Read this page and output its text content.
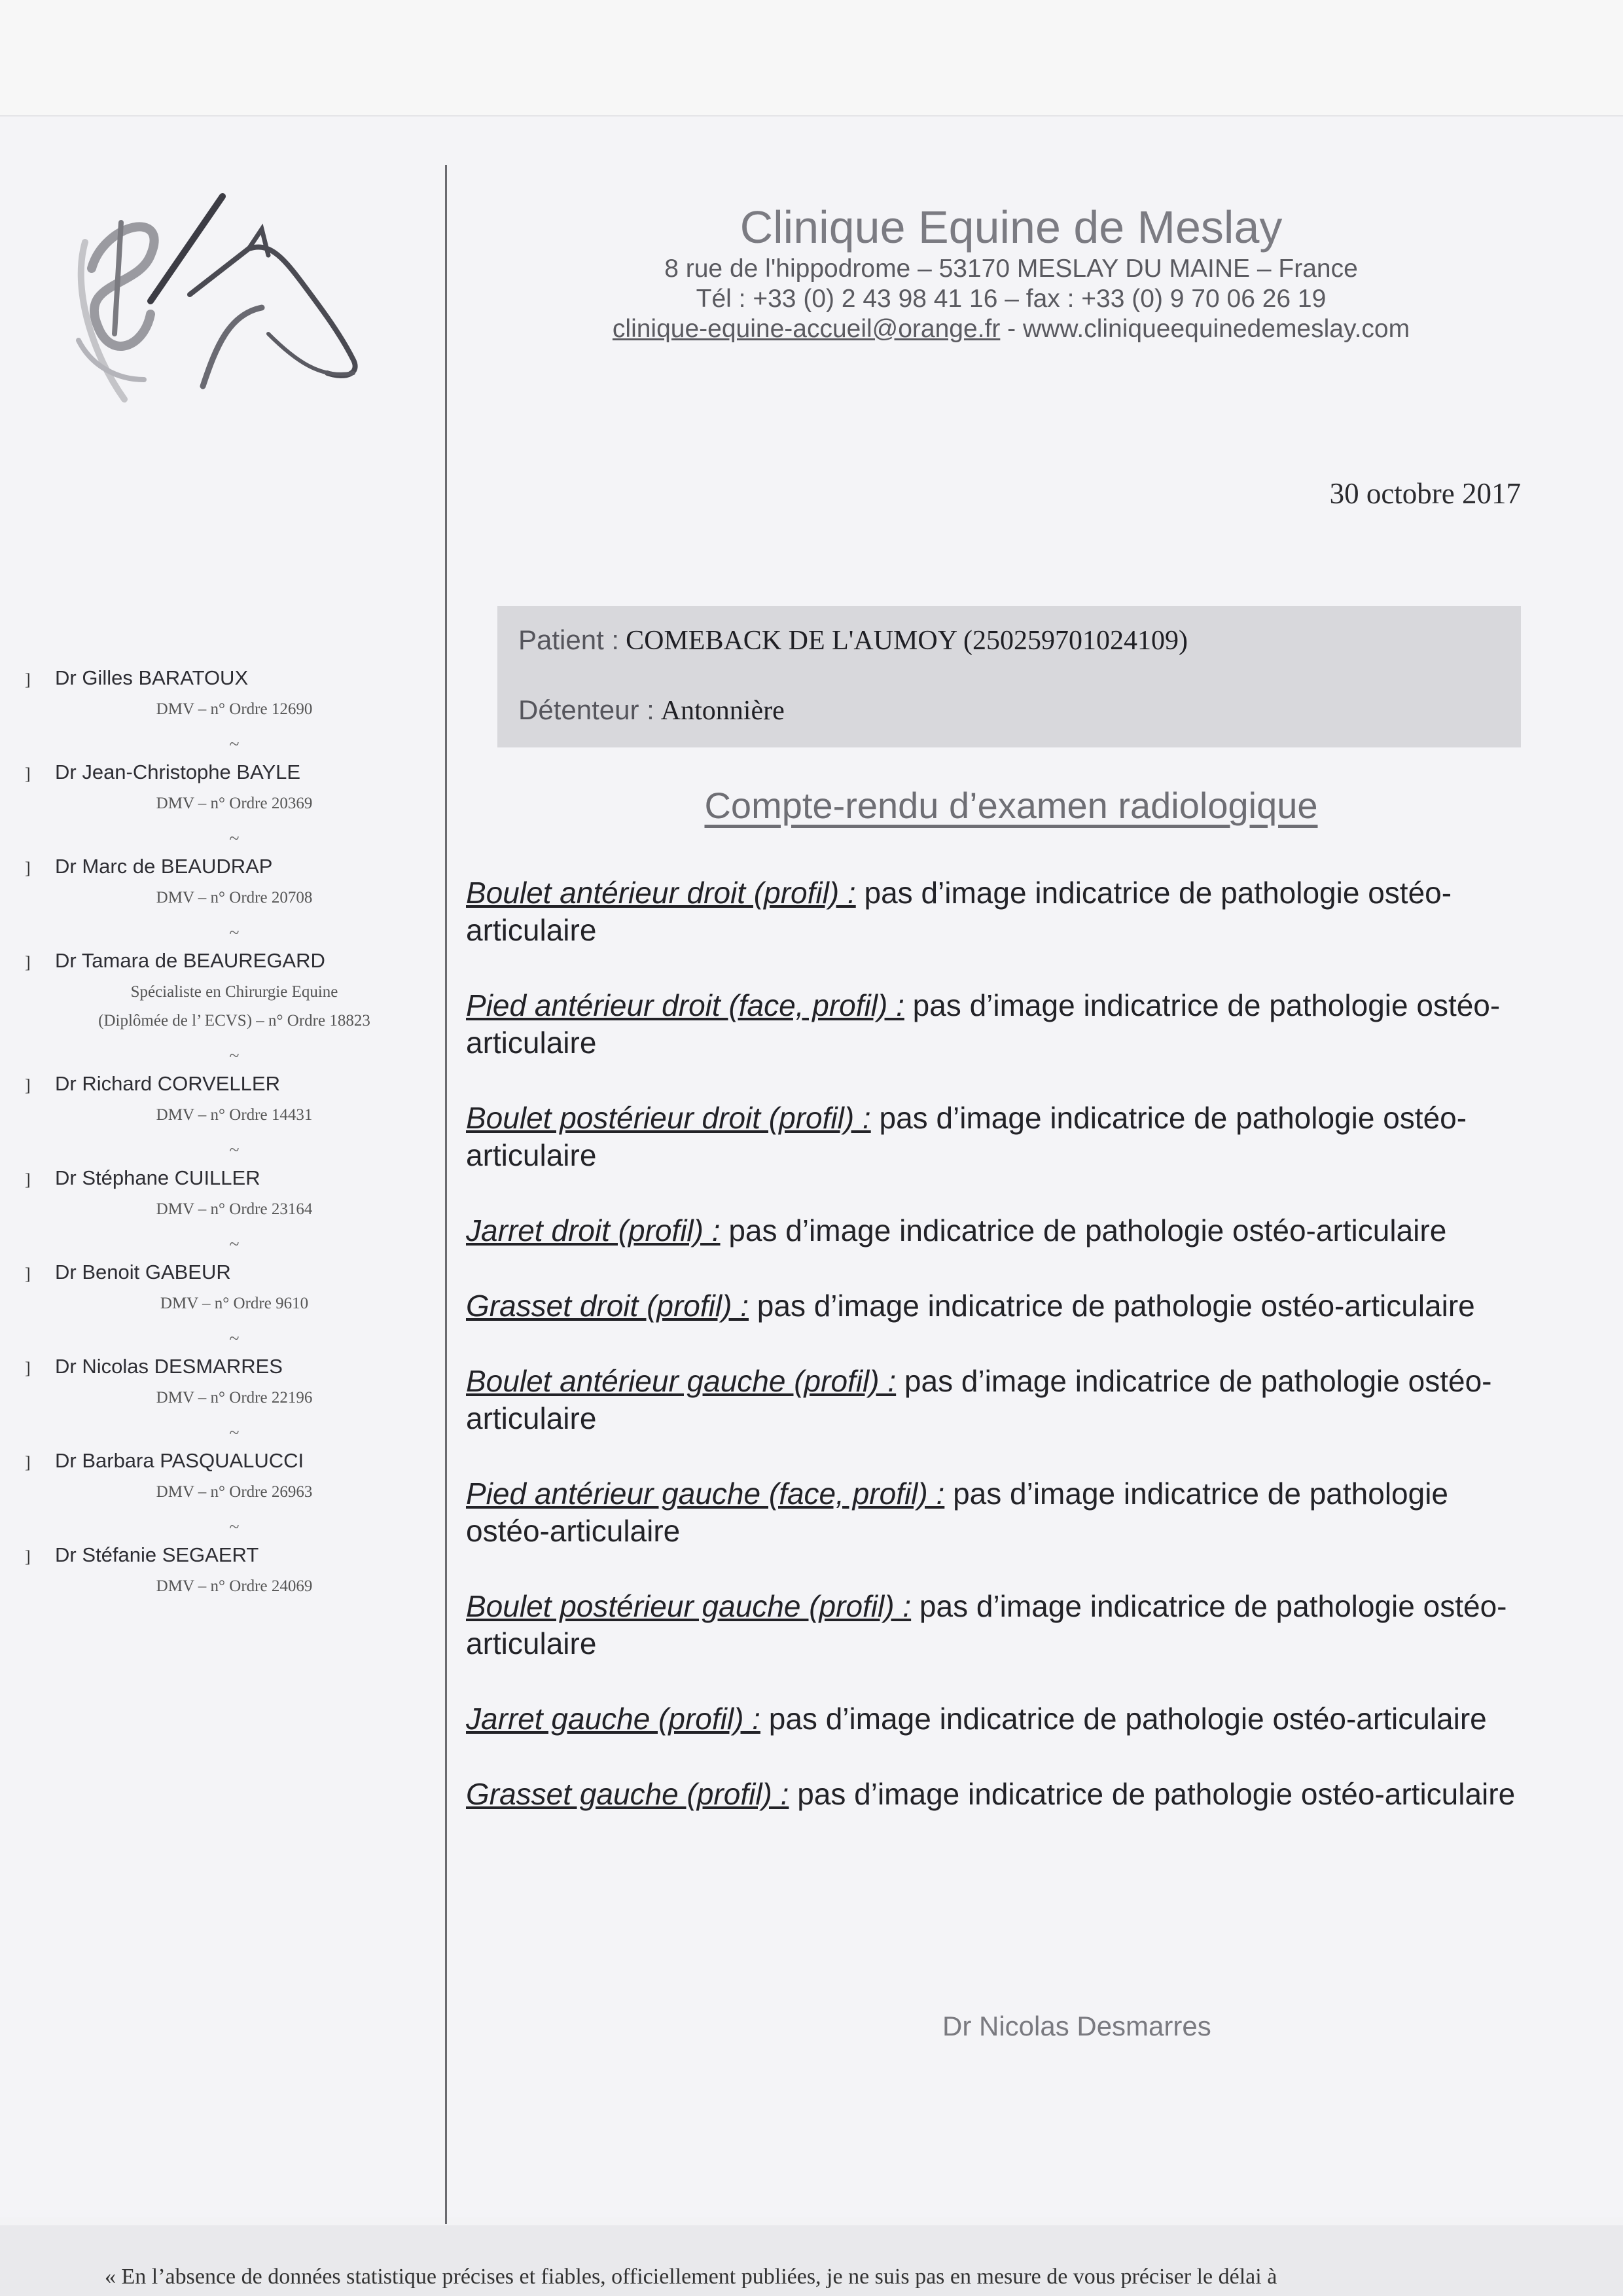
Clinique Equine de Meslay
8 rue de l'hippodrome – 53170 MESLAY DU MAINE – France
Tél : +33 (0) 2 43 98 41 16 – fax : +33 (0) 9 70 06 26 19
clinique-equine-accueil@orange.fr - www.cliniqueequinedemeslay.com
30 octobre 2017
] Dr Gilles BARATOUX
DMV – n° Ordre 12690
~
] Dr Jean-Christophe BAYLE
DMV – n° Ordre 20369
~
] Dr Marc de BEAUDRAP
DMV – n° Ordre 20708
~
] Dr Tamara de BEAUREGARD
Spécialiste en Chirurgie Equine
(Diplômée de l’ ECVS) – n° Ordre 18823
~
] Dr Richard CORVELLER
DMV – n° Ordre 14431
~
] Dr Stéphane CUILLER
DMV – n° Ordre 23164
~
] Dr Benoit GABEUR
DMV – n° Ordre 9610
~
] Dr Nicolas DESMARRES
DMV – n° Ordre 22196
~
] Dr Barbara PASQUALUCCI
DMV – n° Ordre 26963
~
] Dr Stéfanie SEGAERT
DMV – n° Ordre 24069
Patient : COMEBACK DE L'AUMOY (250259701024109)
Détenteur : Antonnière
Compte-rendu d’examen radiologique
Boulet antérieur droit (profil) : pas d’image indicatrice de pathologie ostéo-articulaire
Pied antérieur droit (face, profil) : pas d’image indicatrice de pathologie ostéo-articulaire
Boulet postérieur droit (profil) : pas d’image indicatrice de pathologie ostéo-articulaire
Jarret droit (profil) : pas d’image indicatrice de pathologie ostéo-articulaire
Grasset droit (profil) : pas d’image indicatrice de pathologie ostéo-articulaire
Boulet antérieur gauche (profil) : pas d’image indicatrice de pathologie ostéo-articulaire
Pied antérieur gauche (face, profil) : pas d’image indicatrice de pathologie ostéo-articulaire
Boulet postérieur gauche (profil) : pas d’image indicatrice de pathologie ostéo-articulaire
Jarret gauche (profil) : pas d’image indicatrice de pathologie ostéo-articulaire
Grasset gauche (profil) : pas d’image indicatrice de pathologie ostéo-articulaire
Dr Nicolas Desmarres
« En l’absence de données statistique précises et fiables, officiellement publiées, je ne suis pas en mesure de vous préciser le délai à
